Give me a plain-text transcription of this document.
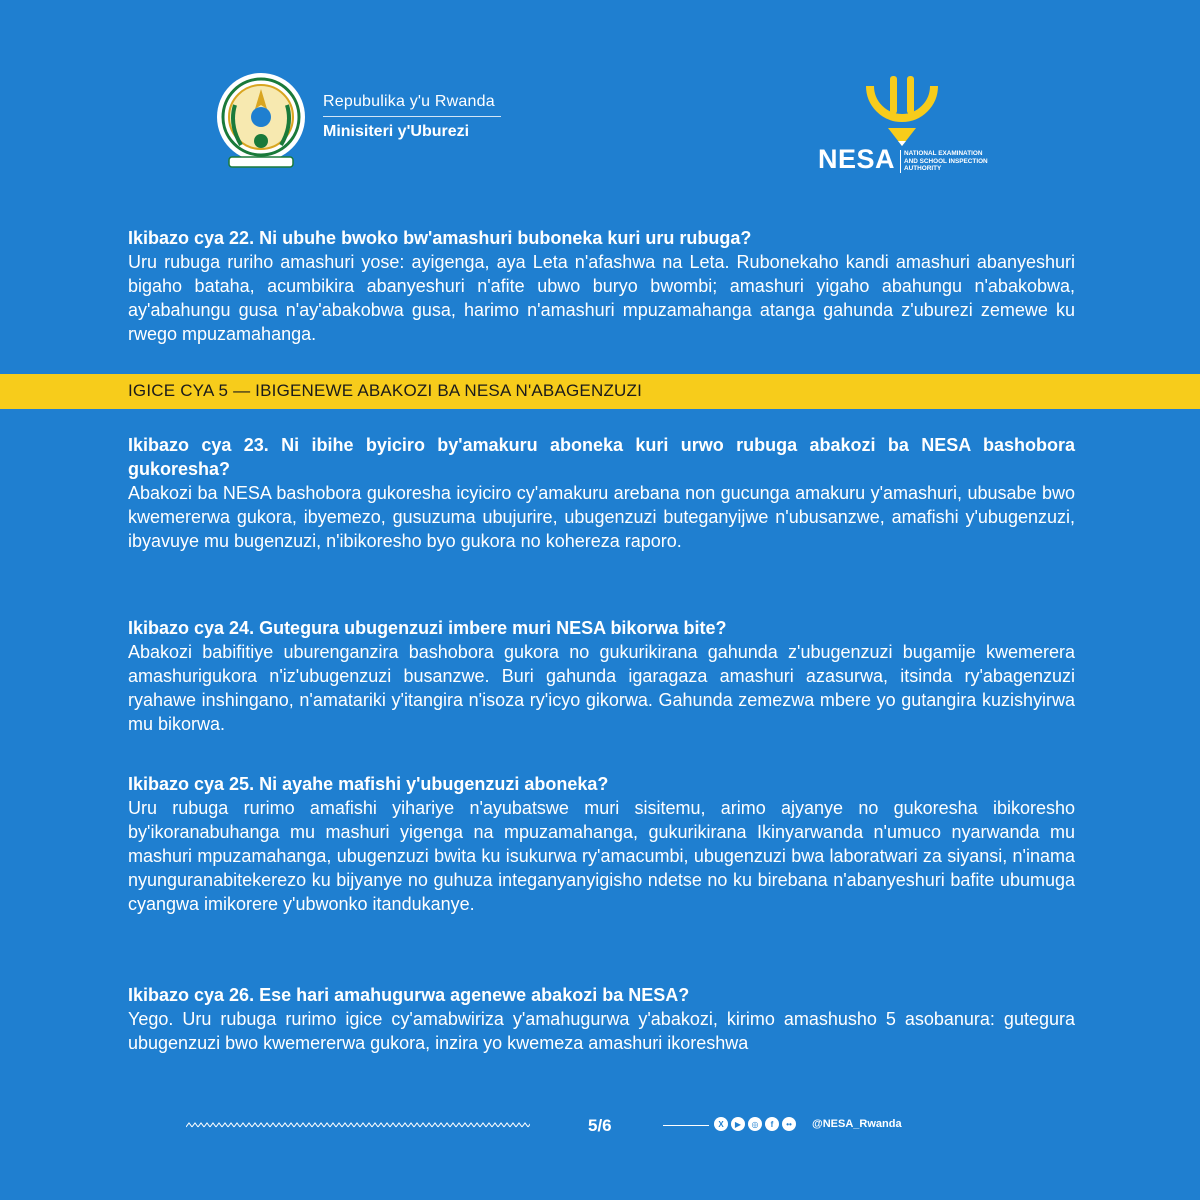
Repubulika y'u Rwanda
Minisiteri y'Uburezi
NESA NATIONAL EXAMINATION
AND SCHOOL INSPECTION
AUTHORITY
Ikibazo cya 22. Ni ubuhe bwoko bw'amashuri buboneka kuri uru rubuga?
Uru rubuga ruriho amashuri yose: ayigenga, aya Leta n'afashwa na Leta. Rubonekaho kandi amashuri abanyeshuri bigaho bataha, acumbikira abanyeshuri n'afite ubwo buryo bwombi; amashuri yigaho abahungu n'abakobwa, ay'abahungu gusa n'ay'abakobwa gusa, harimo n'amashuri mpuzamahanga atanga gahunda z'uburezi zemewe ku rwego mpuzamahanga.
IGICE CYA 5 — IBIGENEWE ABAKOZI BA NESA N'ABAGENZUZI
Ikibazo cya 23. Ni ibihe byiciro by'amakuru aboneka kuri urwo rubuga abakozi ba NESA bashobora gukoresha?
Abakozi ba NESA bashobora gukoresha icyiciro cy'amakuru arebana non gucunga amakuru y'amashuri, ubusabe bwo kwemererwa gukora, ibyemezo, gusuzuma ubujurire, ubugenzuzi buteganyijwe n'ubusanzwe, amafishi y'ubugenzuzi, ibyavuye mu bugenzuzi, n'ibikoresho byo gukora no kohereza raporo.
Ikibazo cya 24. Gutegura ubugenzuzi imbere muri NESA bikorwa bite?
Abakozi babifitiye uburenganzira bashobora gukora no gukurikirana gahunda z'ubugenzuzi bugamije kwemerera amashurigukora n'iz'ubugenzuzi busanzwe. Buri gahunda igaragaza amashuri azasurwa, itsinda ry'abagenzuzi ryahawe inshingano, n'amatariki y'itangira n'isoza ry'icyo gikorwa. Gahunda zemezwa mbere yo gutangira kuzishyirwa mu bikorwa.
Ikibazo cya 25. Ni ayahe mafishi y'ubugenzuzi aboneka?
Uru rubuga rurimo amafishi yihariye n'ayubatswe muri sisitemu, arimo ajyanye no gukoresha ibikoresho by'ikoranabuhanga mu mashuri yigenga na mpuzamahanga, gukurikirana Ikinyarwanda n'umuco nyarwanda mu mashuri mpuzamahanga, ubugenzuzi bwita ku isukurwa ry'amacumbi, ubugenzuzi bwa laboratwari za siyansi, n'inama nyunguranabitekerezo ku bijyanye no guhuza integanyanyigisho ndetse no ku birebana n'abanyeshuri bafite ubumuga cyangwa imikorere y'ubwonko itandukanye.
Ikibazo cya 26. Ese hari amahugurwa agenewe abakozi ba NESA?
Yego. Uru rubuga rurimo igice cy'amabwiriza y'amahugurwa y'abakozi, kirimo amashusho 5 asobanura: gutegura ubugenzuzi bwo kwemererwa gukora, inzira yo kwemeza amashuri ikoreshwa
5/6	X	▶	◎	f	••	@NESA_Rwanda
